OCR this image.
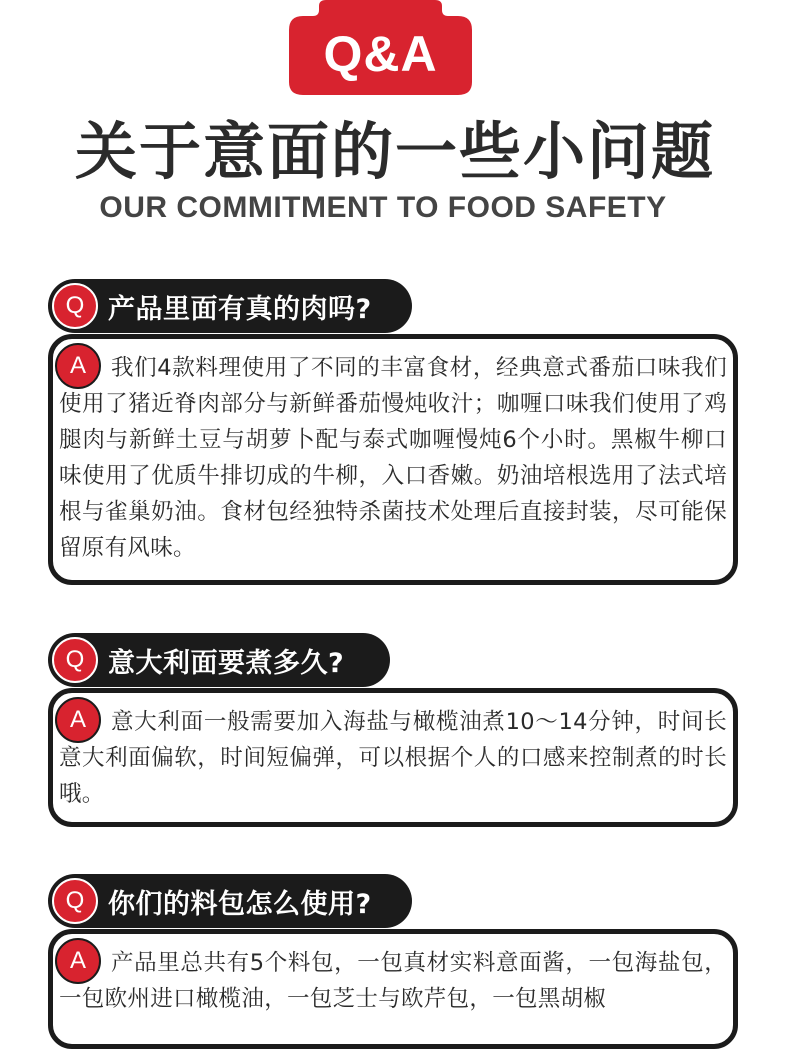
Q&A
关于意面的一些小问题
OUR COMMITMENT TO FOOD SAFETY
Q 产品里面有真的肉吗?
A	我们4款料理使用了不同的丰富食材，经典意式番茄口味我们使用了猪近脊肉部分与新鲜番茄慢炖收汁；咖喱口味我们使用了鸡腿肉与新鲜土豆与胡萝卜配与泰式咖喱慢炖6个小时。黑椒牛柳口味使用了优质牛排切成的牛柳，入口香嫩。奶油培根选用了法式培根与雀巢奶油。食材包经独特杀菌技术处理后直接封装，尽可能保留原有风味。

Q 意大利面要煮多久?
A	意大利面一般需要加入海盐与橄榄油煮10～14分钟，时间长意大利面偏软，时间短偏弹，可以根据个人的口感来控制煮的时长哦。

Q 你们的料包怎么使用?
A	产品里总共有5个料包，一包真材实料意面酱，一包海盐包，一包欧州进口橄榄油，一包芝士与欧芹包，一包黑胡椒
